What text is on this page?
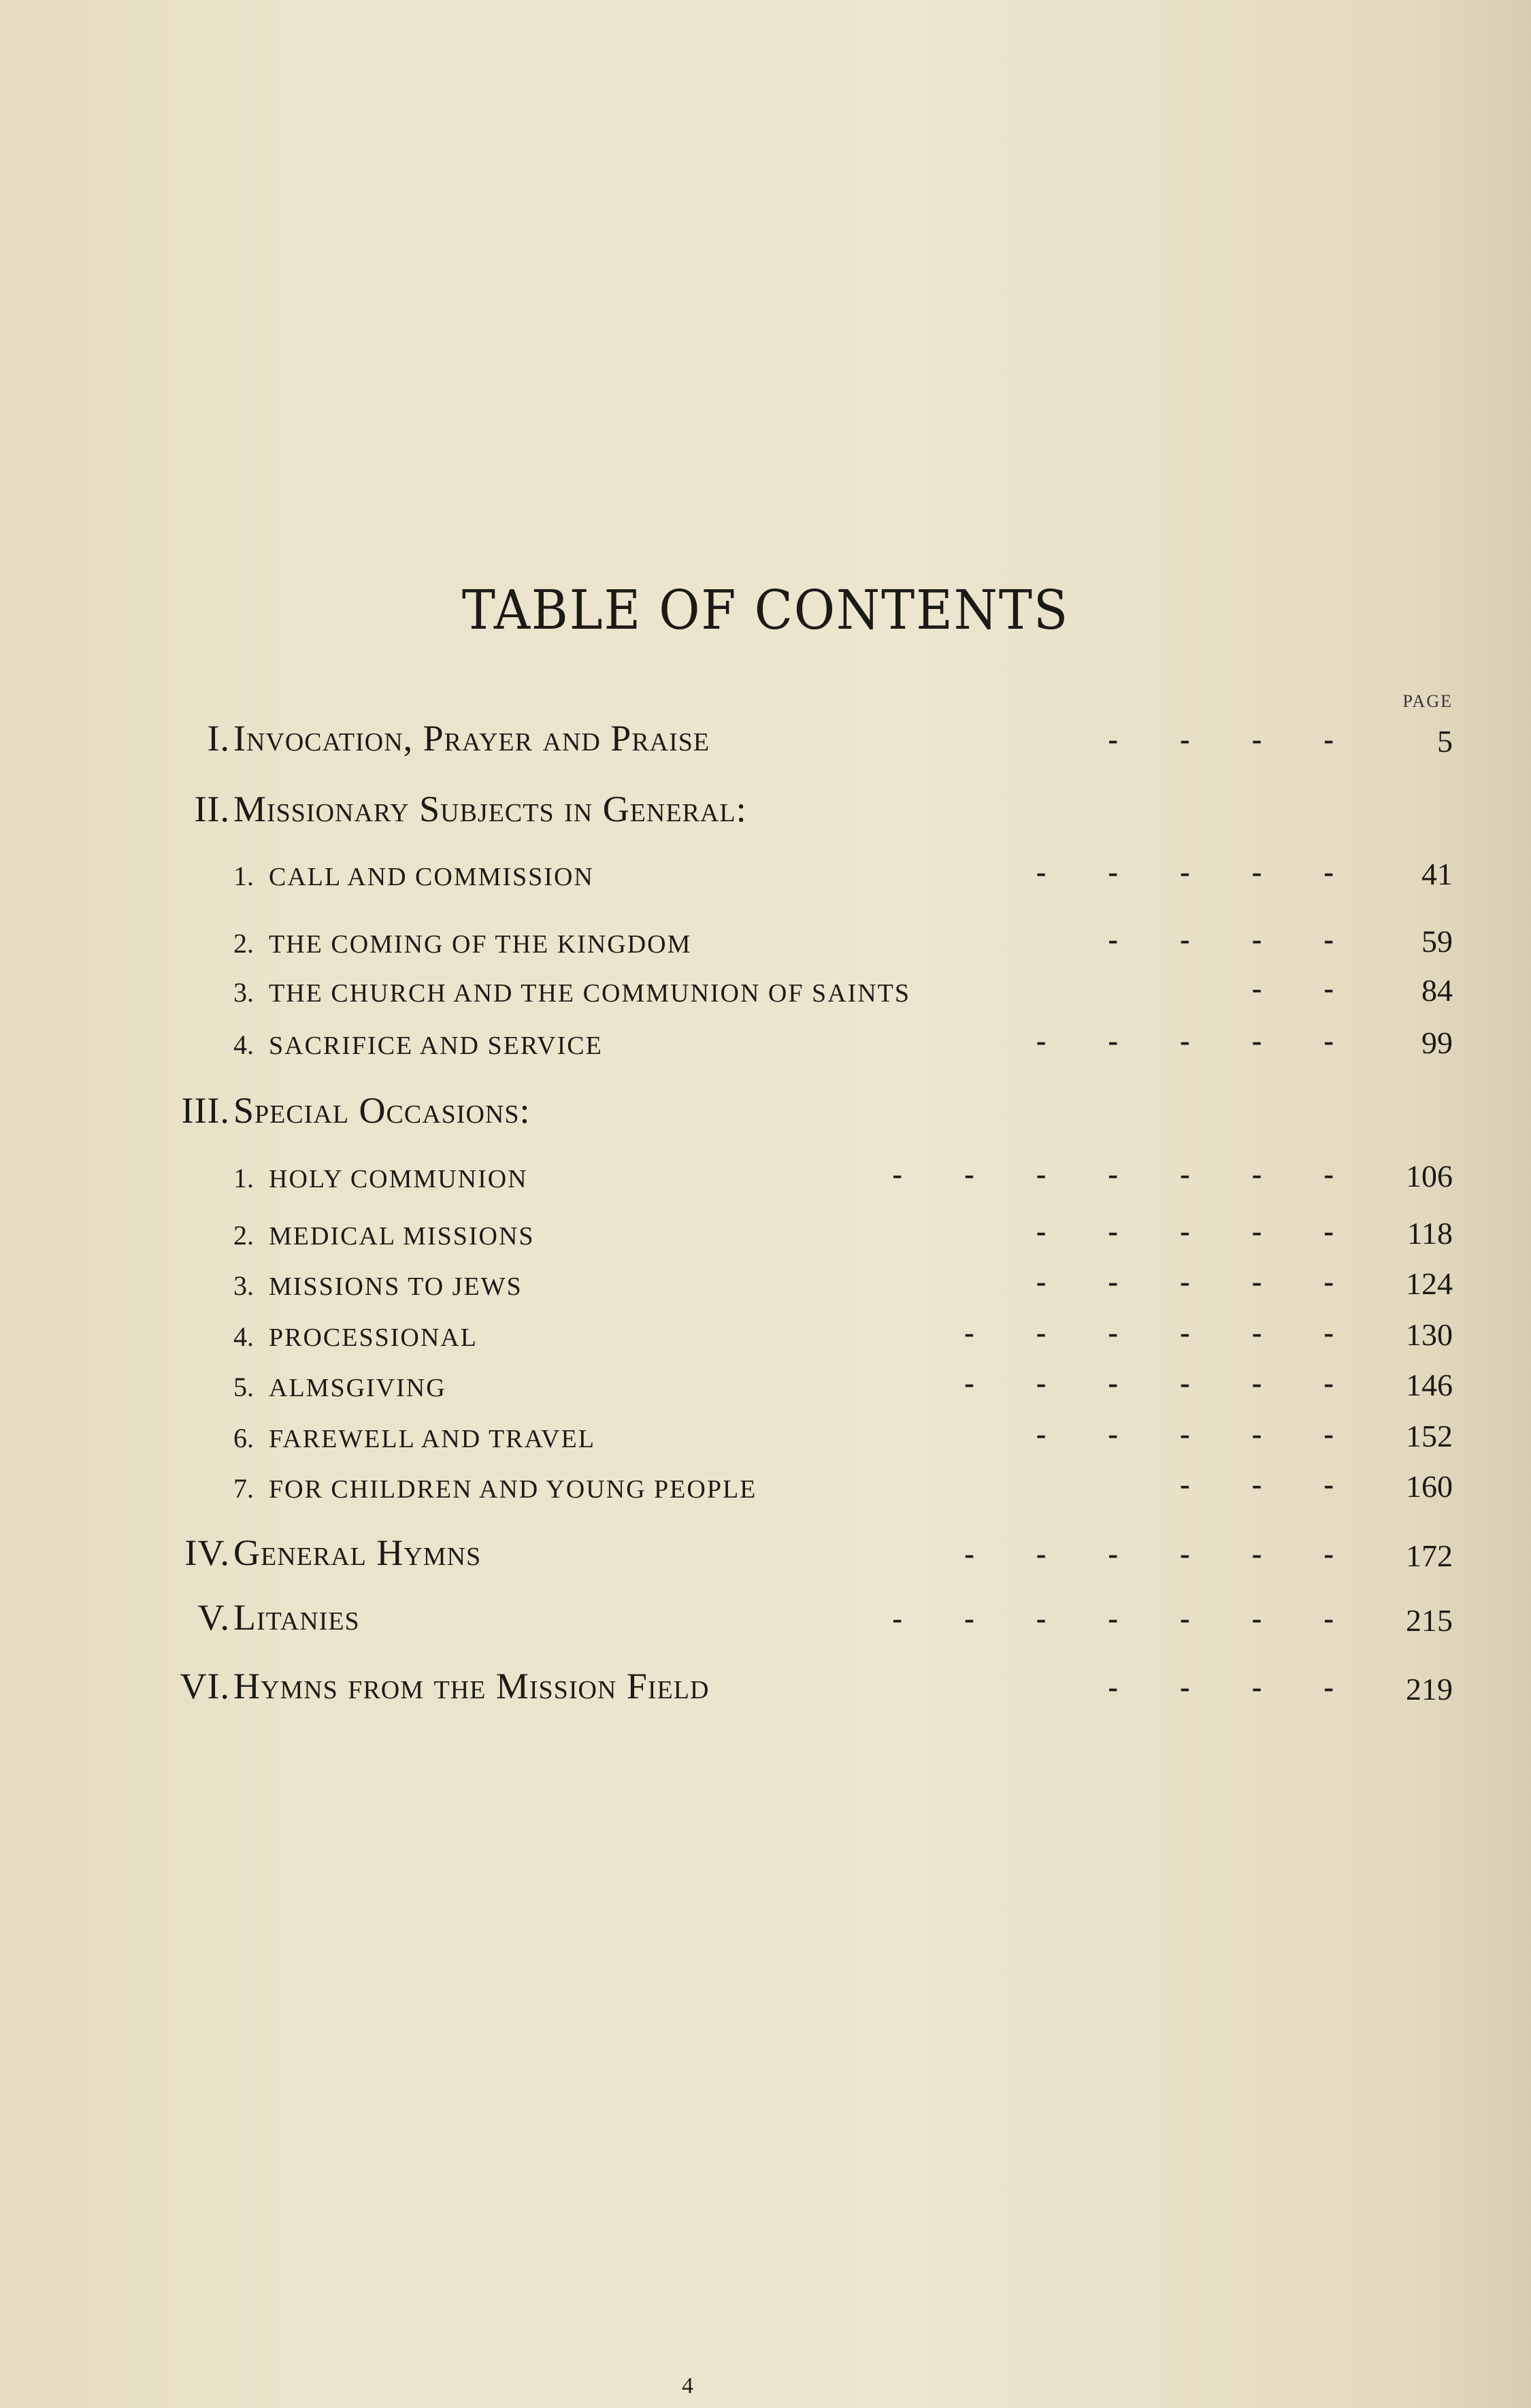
TABLE OF CONTENTS
PAGE
I. Invocation, Prayer and Praise	- - - -	5
II. Missionary Subjects in General:
1. CALL AND COMMISSION	- - - - -	41
2. THE COMING OF THE KINGDOM	- - - -	59
3. THE CHURCH AND THE COMMUNION OF SAINTS	- -	84
4. SACRIFICE AND SERVICE	- - - - -	99
III. Special Occasions:
1. HOLY COMMUNION	- - - - - - - 106
2. MEDICAL MISSIONS	- - - - - 118
3. MISSIONS TO JEWS	- - - - - 124
4. PROCESSIONAL	- - - - - - 130
5. ALMSGIVING	- - - - - - 146
6. FAREWELL AND TRAVEL	- - - - - 152
7. FOR CHILDREN AND YOUNG PEOPLE	- - - 160
IV. General Hymns	- - - - - - 172
V. Litanies	- - - - - - - 215
VI. Hymns from the Mission Field	- - - - 219
4
